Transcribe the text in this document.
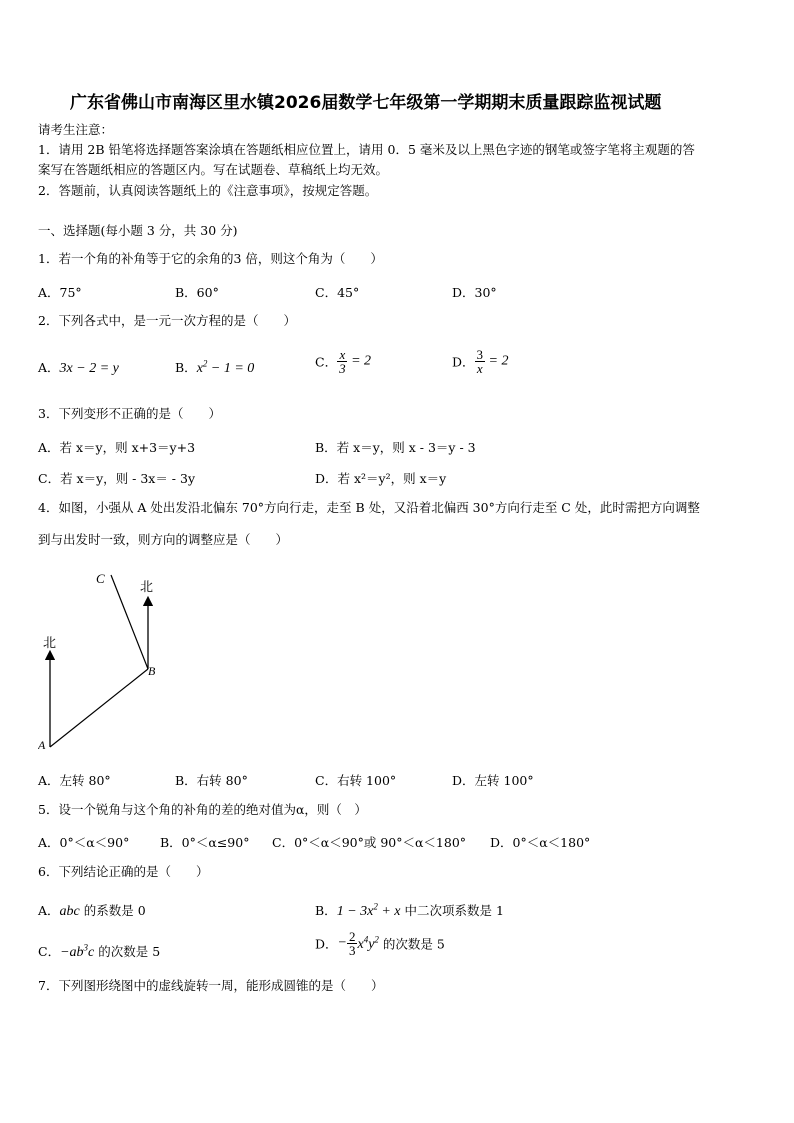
广东省佛山市南海区里水镇2026届数学七年级第一学期期末质量跟踪监视试题
请考生注意：
1．请用 2B 铅笔将选择题答案涂填在答题纸相应位置上，请用 0．5 毫米及以上黑色字迹的钢笔或签字笔将主观题的答
案写在答题纸相应的答题区内。写在试题卷、草稿纸上均无效。
2．答题前，认真阅读答题纸上的《注意事项》，按规定答题。
一、选择题(每小题 3 分，共 30 分)
1．若一个角的补角等于它的余角的3 倍，则这个角为（　　）
A．75°	B．60°	C．45°	D．30°
2．下列各式中，是一元一次方程的是（　　）
A．3x − 2 = y	B．$x^2 - 1 = 0$	C． $\frac{x}{3} = 2$	D． $\frac{3}{x} = 2$
3．下列变形不正确的是（　　）
A．若 x＝y，则 x+3＝y+3	B．若 x＝y，则 x - 3＝y - 3
C．若 x＝y，则 - 3x＝ - 3y	D．若 x²＝y²，则 x＝y
4．如图，小强从 A 处出发沿北偏东 70°方向行走，走至 B 处，又沿着北偏西 30°方向行走至 C 处，此时需把方向调整
到与出发时一致，则方向的调整应是（　　）
C
北
北
B
A
A．左转 80°	B．右转 80°	C．右转 100°	D．左转 100°
5．设一个锐角与这个角的补角的差的绝对值为α，则（　）
A．0°＜α＜90° B．0°＜α≤90° C．0°＜α＜90°或 90°＜α＜180° D．0°＜α＜180°
6．下列结论正确的是（　　）
A．abc 的系数是 0	B．$1 - 3x^2 + x$ 中二次项系数是 1
C．$-ab^3c$ 的次数是 5	D．− $\frac{2}{3} x^4y^2$ 的次数是 5
7．下列图形绕图中的虚线旋转一周，能形成圆锥的是（　　）
